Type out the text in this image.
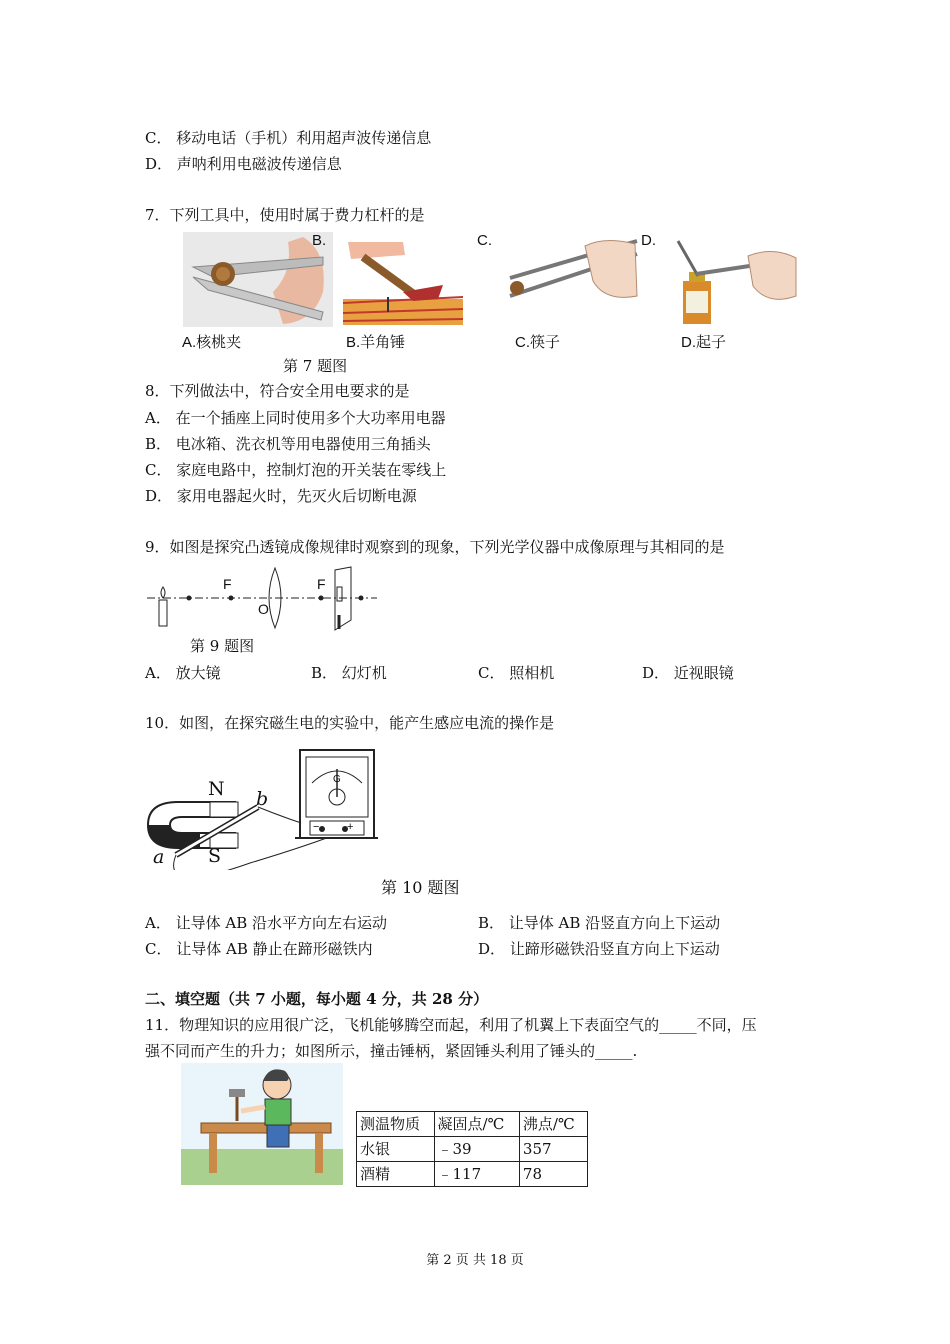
C． 移动电话（手机）利用超声波传递信息
D． 声呐利用电磁波传递信息
7．下列工具中，使用时属于费力杠杆的是
B.	C.	D.
A.核桃夹	B.羊角锤	C.筷子	D.起子
第 7 题图
8．下列做法中，符合安全用电要求的是
A． 在一个插座上同时使用多个大功率用电器
B． 电冰箱、洗衣机等用电器使用三角插头
C． 家庭电路中，控制灯泡的开关装在零线上
D． 家用电器起火时，先灭火后切断电源
9．如图是探究凸透镜成像规律时观察到的现象，下列光学仪器中成像原理与其相同的是
F
O
F
第 9 题图
A． 放大镜	B． 幻灯机	C． 照相机	D． 近视眼镜
10．如图，在探究磁生电的实验中，能产生感应电流的操作是
N
S
a
b
G
−	+
第 10 题图
A． 让导体 AB 沿水平方向左右运动	B． 让导体 AB 沿竖直方向上下运动
C． 让导体 AB 静止在蹄形磁铁内	D． 让蹄形磁铁沿竖直方向上下运动
二、填空题（共 7 小题，每小题 4 分，共 28 分）
11．物理知识的应用很广泛，飞机能够腾空而起，利用了机翼上下表面空气的_____不同，压
强不同而产生的升力；如图所示，撞击锤柄，紧固锤头利用了锤头的_____.
测温物质	凝固点/℃	沸点/℃
水银	﹣39	357
酒精	﹣117	78
第 2 页 共 18 页
